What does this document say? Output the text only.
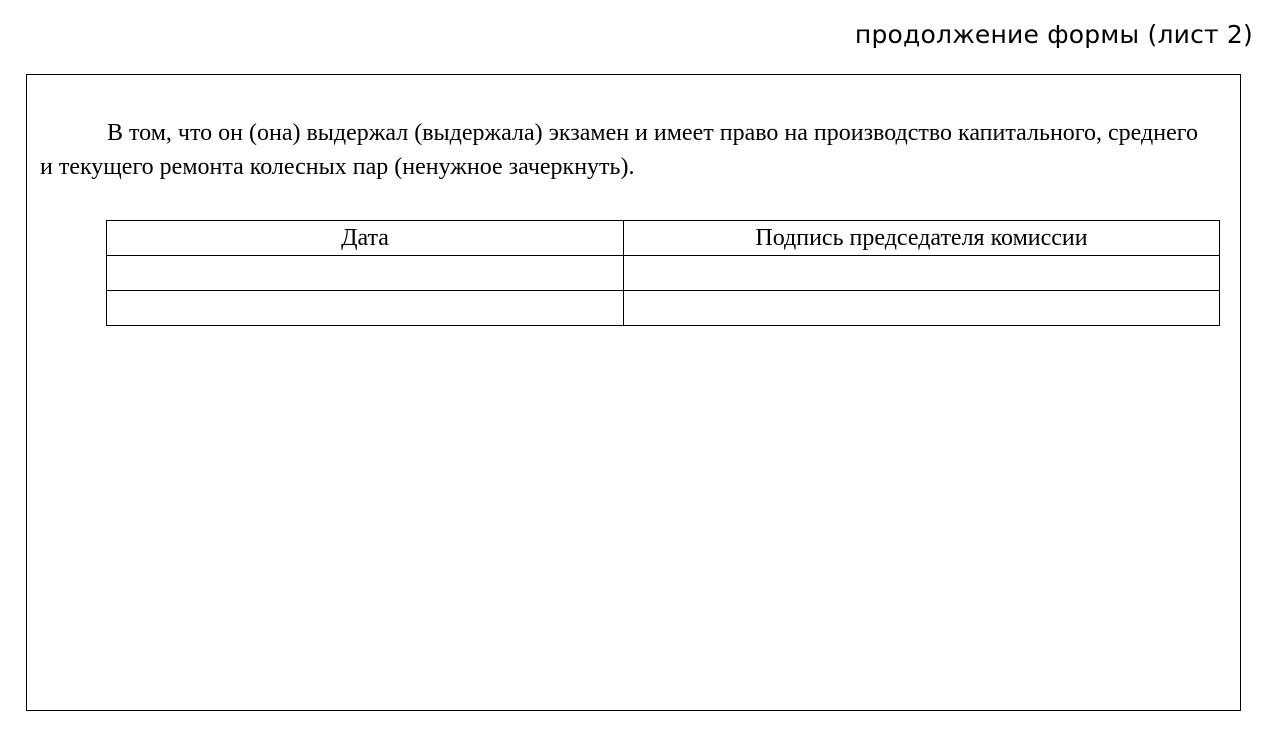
продолжение формы (лист 2)

В том, что он (она) выдержал (выдержала) экзамен и имеет право на производство капитального, среднего и текущего ремонта колесных пар (ненужное зачеркнуть).

Дата	Подпись председателя комиссии
